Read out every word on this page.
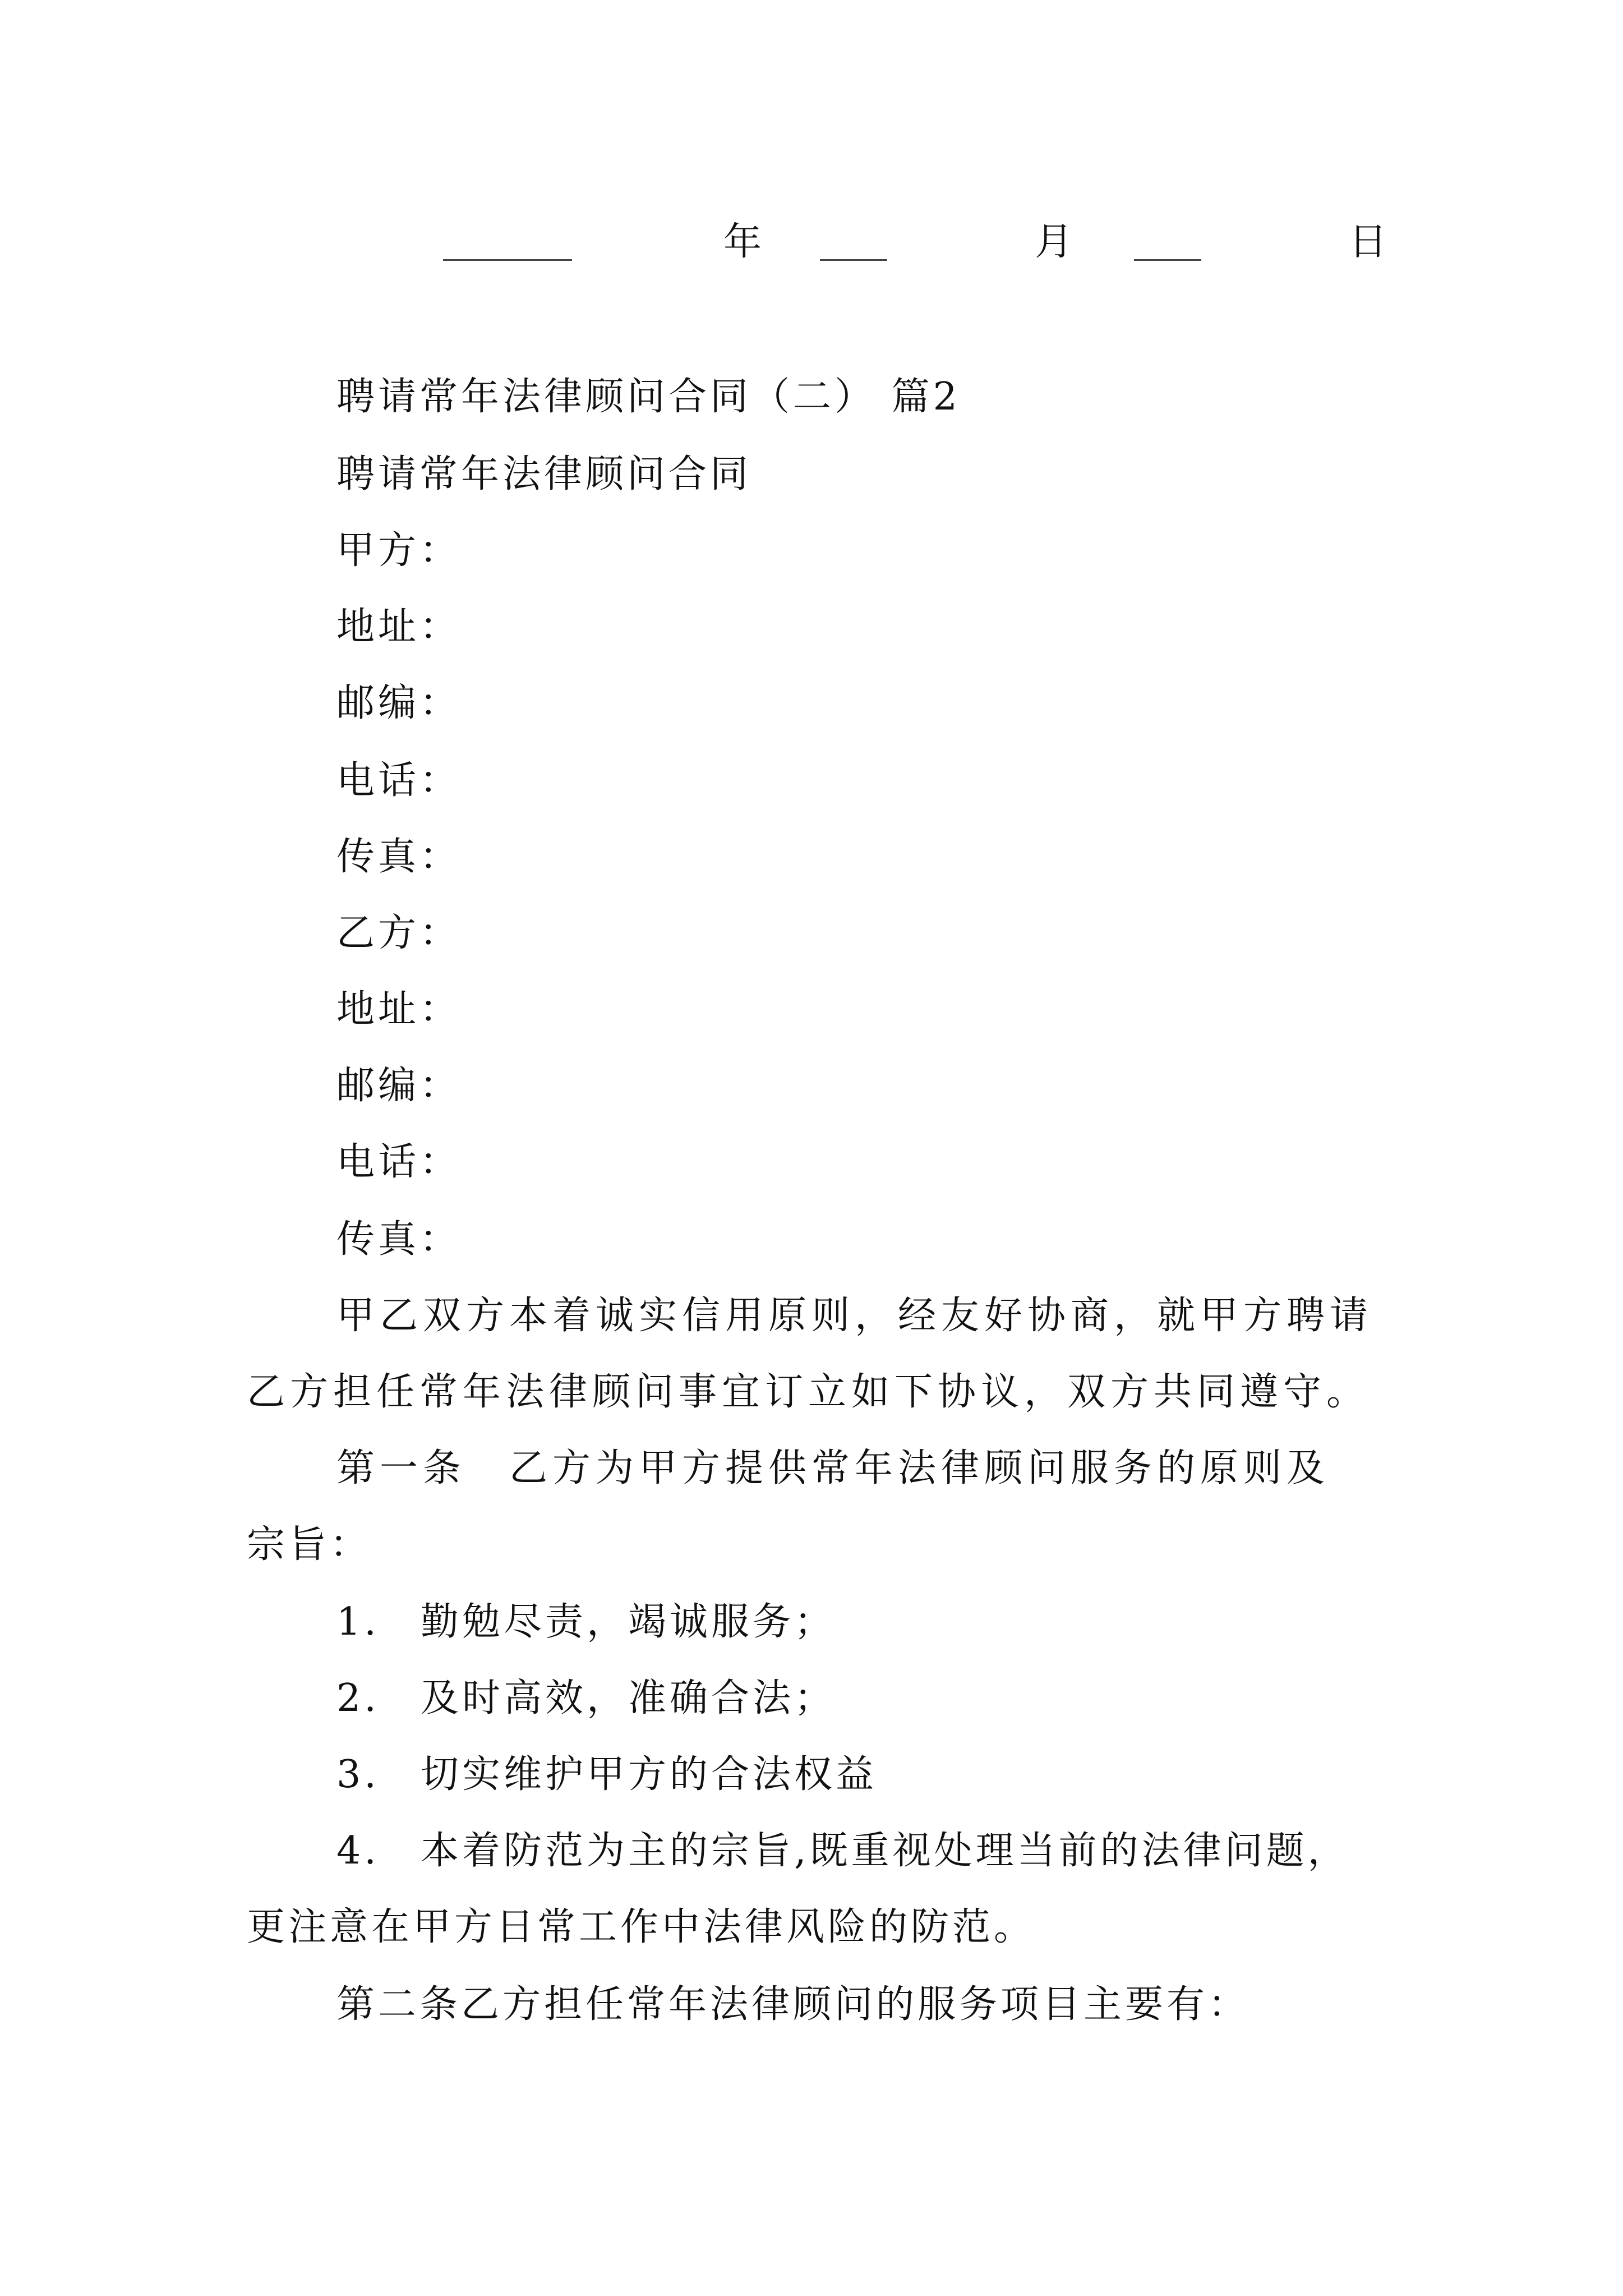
年	月	日
聘请常年法律顾问合同（二） 篇2
聘请常年法律顾问合同
甲方：
地址：
邮编：
电话：
传真：
乙方：
地址：
邮编：
电话：
传真：
甲乙双方本着诚实信用原则，经友好协商，就甲方聘请
乙方担任常年法律顾问事宜订立如下协议，双方共同遵守。
第一条　乙方为甲方提供常年法律顾问服务的原则及
宗旨：
1. 勤勉尽责，竭诚服务；
2. 及时高效，准确合法；
3. 切实维护甲方的合法权益
4. 本着防范为主的宗旨,既重视处理当前的法律问题，
更注意在甲方日常工作中法律风险的防范。
第二条乙方担任常年法律顾问的服务项目主要有：
